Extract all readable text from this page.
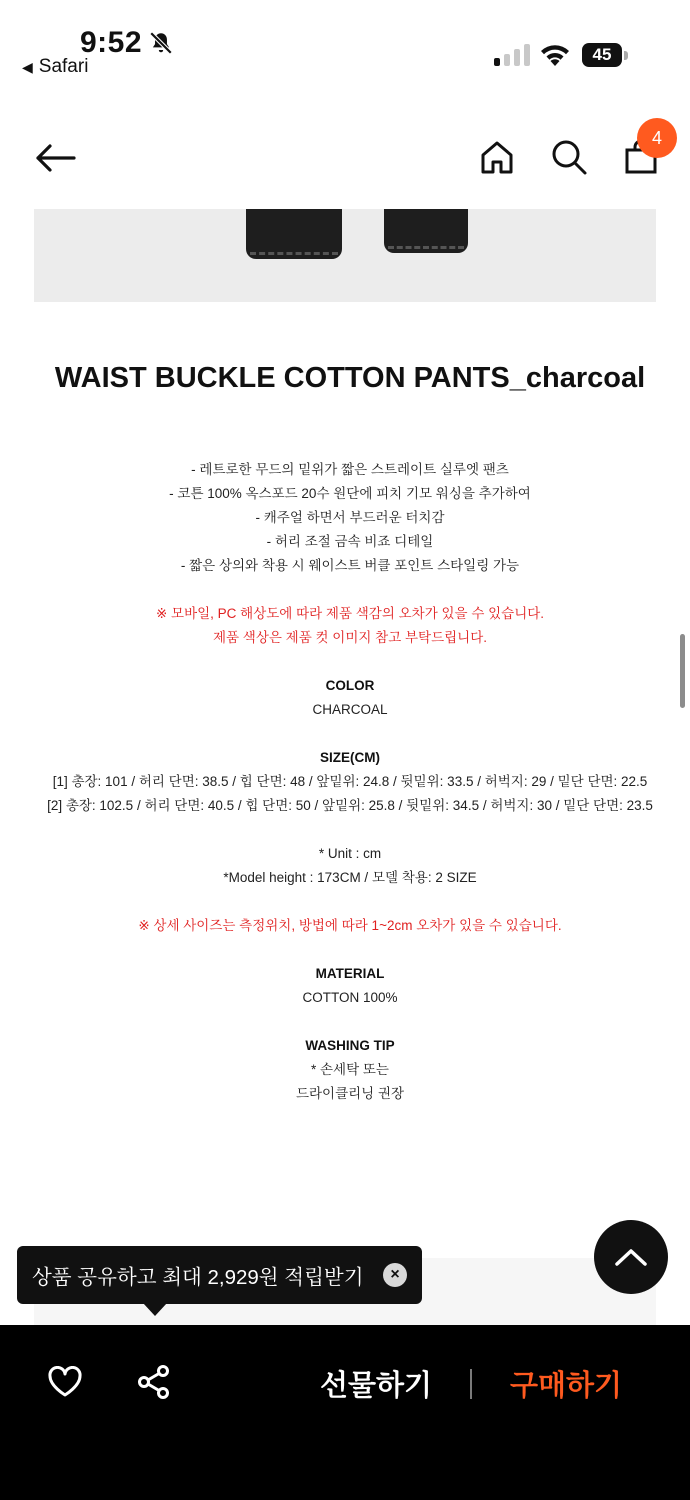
9:52
◀ Safari
45
4
WAIST BUCKLE COTTON PANTS_charcoal
- 레트로한 무드의 밑위가 짧은 스트레이트 실루엣 팬츠
- 코튼 100% 옥스포드 20수 원단에 피치 기모 워싱을 추가하여
- 캐주얼 하면서 부드러운 터치감
- 허리 조절 금속 비죠 디테일
- 짧은 상의와 착용 시 웨이스트 버클 포인트 스타일링 가능
※ 모바일, PC 해상도에 따라 제품 색감의 오차가 있을 수 있습니다.
제품 색상은 제품 컷 이미지 참고 부탁드립니다.
COLOR
CHARCOAL
SIZE(CM)
[1] 총장: 101 / 허리 단면: 38.5 / 힙 단면: 48 / 앞밑위: 24.8 / 뒷밑위: 33.5 / 허벅지: 29 / 밑단 단면: 22.5
[2] 총장: 102.5 / 허리 단면: 40.5 / 힙 단면: 50 / 앞밑위: 25.8 / 뒷밑위: 34.5 / 허벅지: 30 / 밑단 단면: 23.5
* Unit : cm
*Model height : 173CM / 모델 착용: 2 SIZE
※ 상세 사이즈는 측정위치, 방법에 따라 1~2cm 오차가 있을 수 있습니다.
MATERIAL
COTTON 100%
WASHING TIP
* 손세탁 또는
드라이클리닝 권장
상품 공유하고 최대 2,929원 적립받기 ×
선물하기	구매하기
